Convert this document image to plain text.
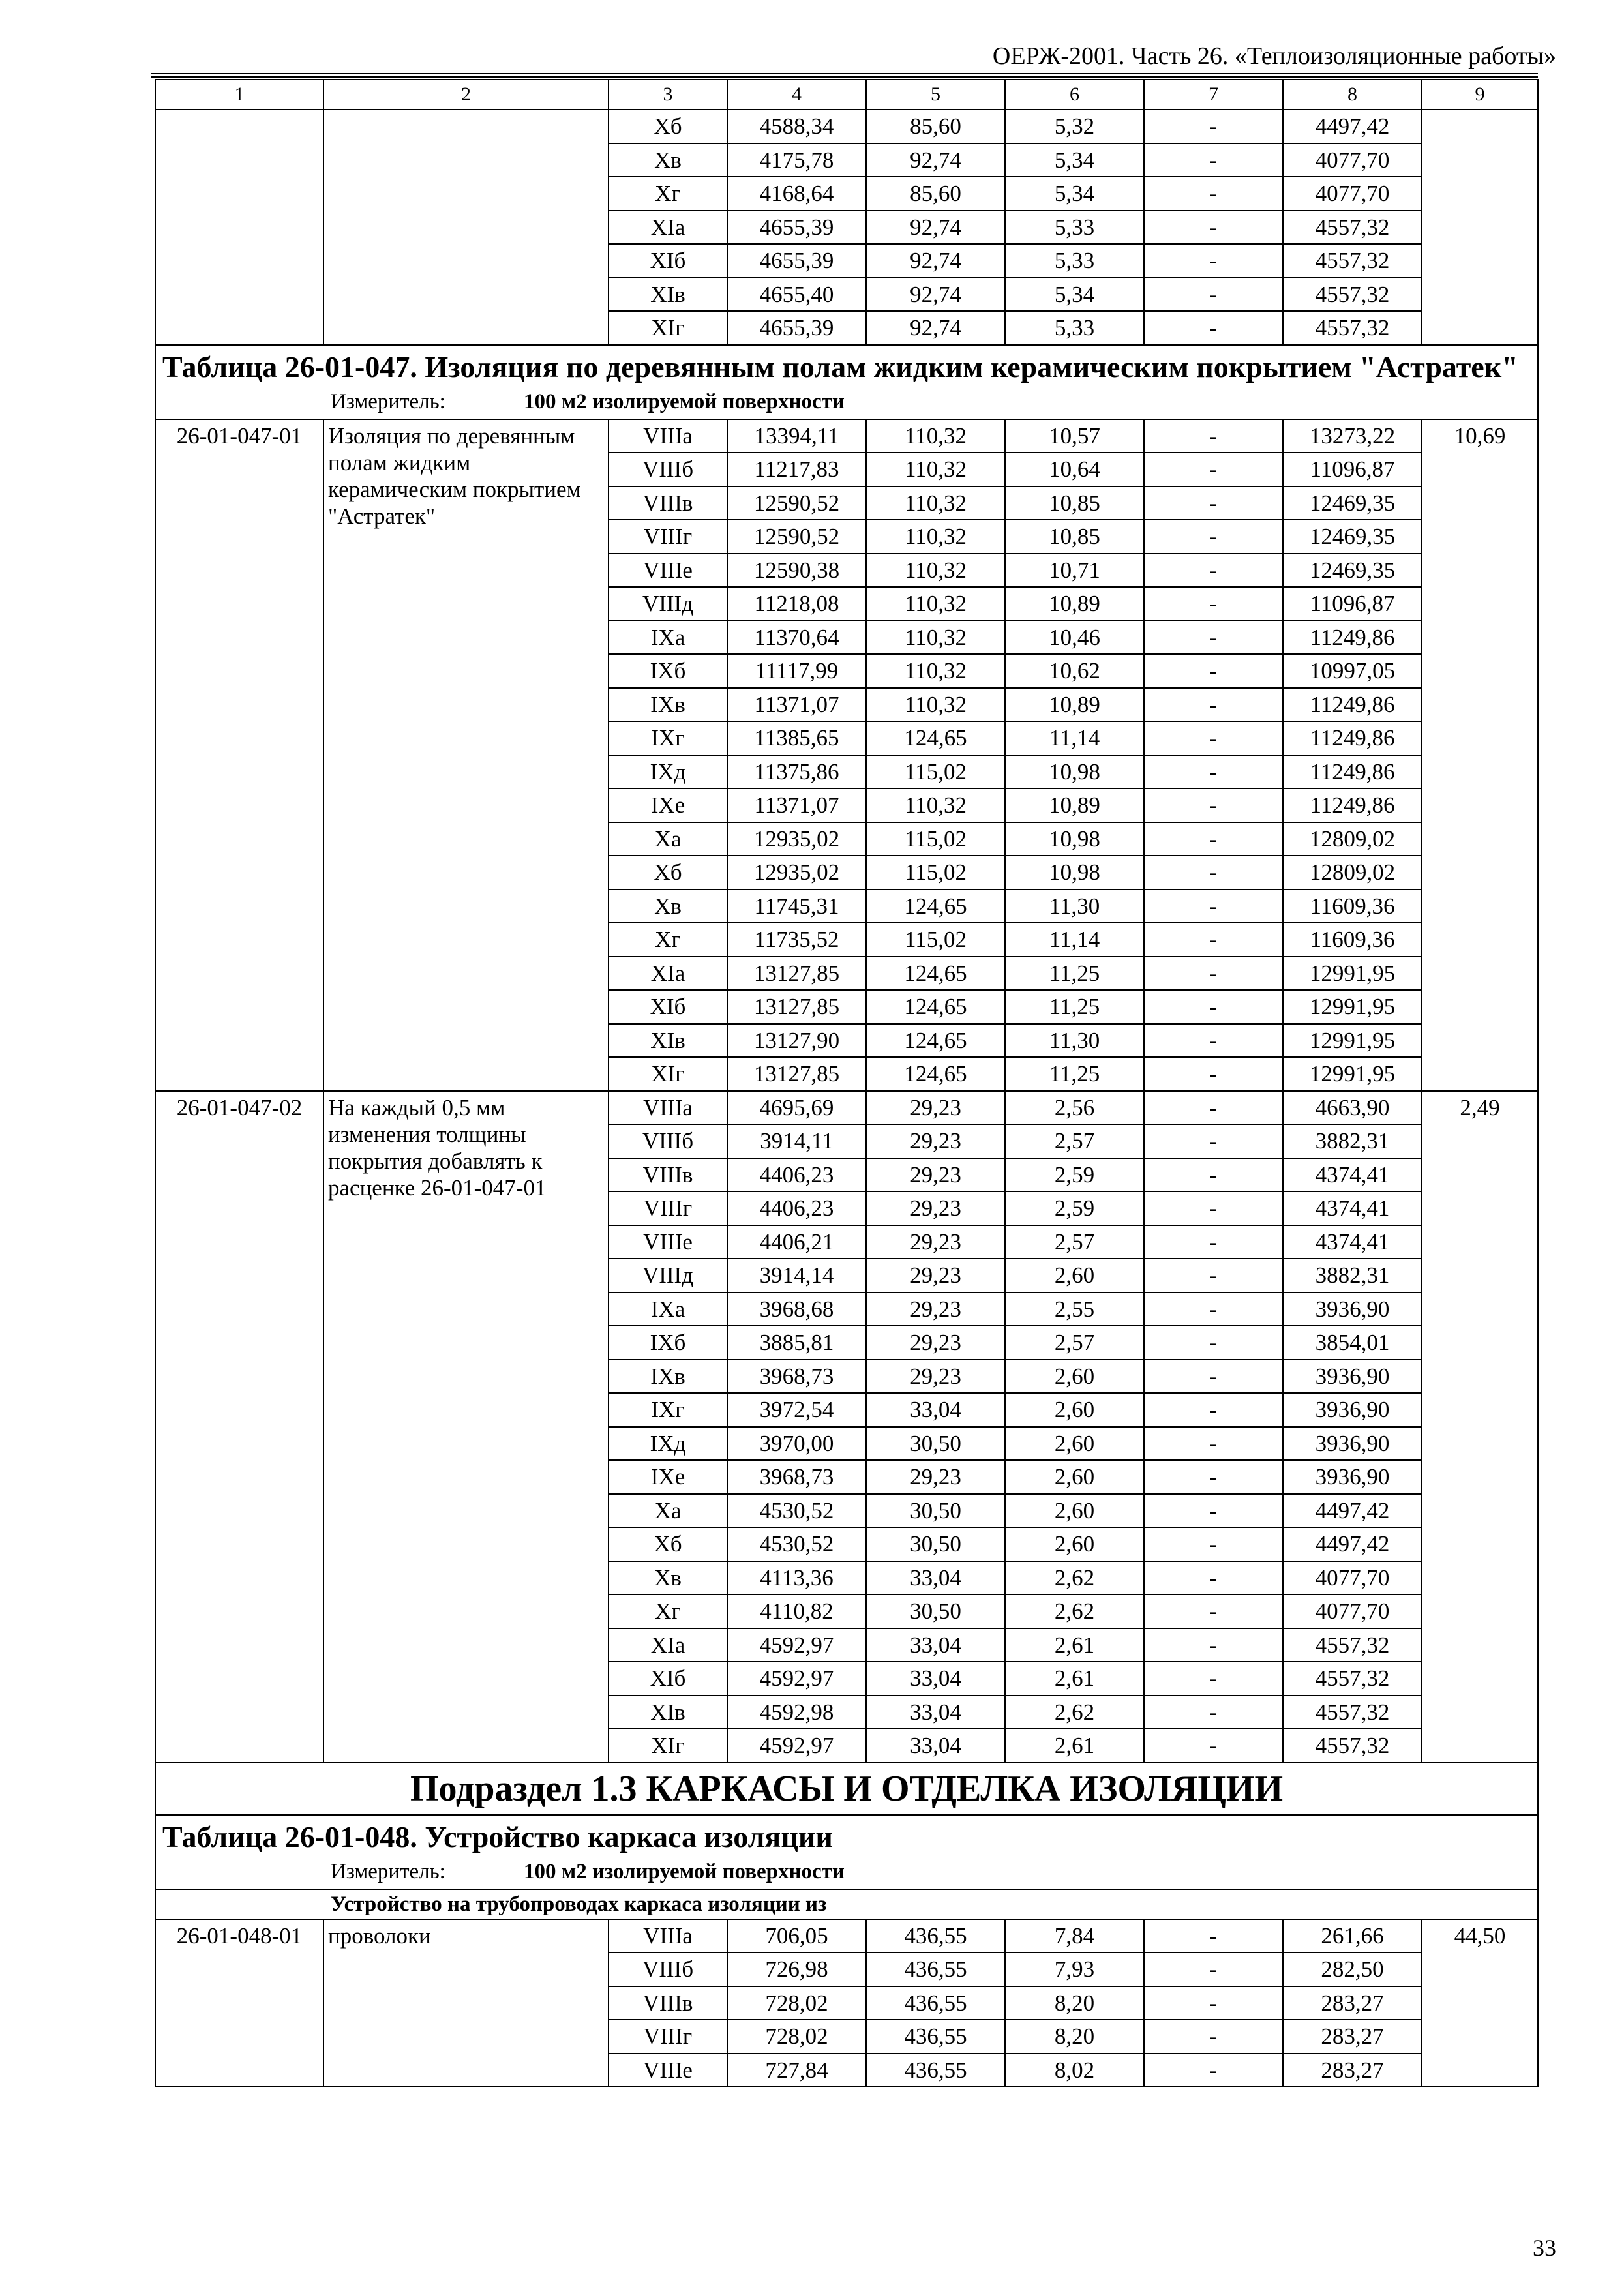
ОЕРЖ-2001. Часть 26. «Теплоизоляционные работы»
1	2	3	4	5	6	7	8	9
		Xб	4588,34	85,60	5,32	-	4497,42	
		Xв	4175,78	92,74	5,34	-	4077,70	
		Xг	4168,64	85,60	5,34	-	4077,70	
		XIа	4655,39	92,74	5,33	-	4557,32	
		XIб	4655,39	92,74	5,33	-	4557,32	
		XIв	4655,40	92,74	5,34	-	4557,32	
		XIг	4655,39	92,74	5,33	-	4557,32	

Таблица 26-01-047. Изоляция по деревянным полам жидким керамическим покрытием "Астратек"
Измеритель: 100 м2 изолируемой поверхности								

26-01-047-01	Изоляция по деревянным полам жидким керамическим покрытием "Астратек"	VIIIа	13394,11	110,32	10,57	-	13273,22	10,69
		VIIIб	11217,83	110,32	10,64	-	11096,87	
		VIIIв	12590,52	110,32	10,85	-	12469,35	
		VIIIг	12590,52	110,32	10,85	-	12469,35	
		VIIIе	12590,38	110,32	10,71	-	12469,35	
		VIIIд	11218,08	110,32	10,89	-	11096,87	
		IXа	11370,64	110,32	10,46	-	11249,86	
		IXб	11117,99	110,32	10,62	-	10997,05	
		IXв	11371,07	110,32	10,89	-	11249,86	
		IXг	11385,65	124,65	11,14	-	11249,86	
		IXд	11375,86	115,02	10,98	-	11249,86	
		IXе	11371,07	110,32	10,89	-	11249,86	
		Xа	12935,02	115,02	10,98	-	12809,02	
		Xб	12935,02	115,02	10,98	-	12809,02	
		Xв	11745,31	124,65	11,30	-	11609,36	
		Xг	11735,52	115,02	11,14	-	11609,36	
		XIа	13127,85	124,65	11,25	-	12991,95	
		XIб	13127,85	124,65	11,25	-	12991,95	
		XIв	13127,90	124,65	11,30	-	12991,95	
		XIг	13127,85	124,65	11,25	-	12991,95	
26-01-047-02	На каждый 0,5 мм изменения толщины покрытия добавлять к расценке 26-01-047-01	VIIIа	4695,69	29,23	2,56	-	4663,90	2,49
		VIIIб	3914,11	29,23	2,57	-	3882,31	
		VIIIв	4406,23	29,23	2,59	-	4374,41	
		VIIIг	4406,23	29,23	2,59	-	4374,41	
		VIIIе	4406,21	29,23	2,57	-	4374,41	
		VIIIд	3914,14	29,23	2,60	-	3882,31	
		IXа	3968,68	29,23	2,55	-	3936,90	
		IXб	3885,81	29,23	2,57	-	3854,01	
		IXв	3968,73	29,23	2,60	-	3936,90	
		IXг	3972,54	33,04	2,60	-	3936,90	
		IXд	3970,00	30,50	2,60	-	3936,90	
		IXе	3968,73	29,23	2,60	-	3936,90	
		Xа	4530,52	30,50	2,60	-	4497,42	
		Xб	4530,52	30,50	2,60	-	4497,42	
		Xв	4113,36	33,04	2,62	-	4077,70	
		Xг	4110,82	30,50	2,62	-	4077,70	
		XIа	4592,97	33,04	2,61	-	4557,32	
		XIб	4592,97	33,04	2,61	-	4557,32	
		XIв	4592,98	33,04	2,62	-	4557,32	
		XIг	4592,97	33,04	2,61	-	4557,32	
Подраздел 1.3 КАРКАСЫ И ОТДЕЛКА ИЗОЛЯЦИИ								

Таблица 26-01-048. Устройство каркаса изоляции
Измеритель: 100 м2 изолируемой поверхности								

Устройство на трубопроводах каркаса изоляции из								
26-01-048-01	проволоки	VIIIа	706,05	436,55	7,84	-	261,66	44,50
		VIIIб	726,98	436,55	7,93	-	282,50	
		VIIIв	728,02	436,55	8,20	-	283,27	
		VIIIг	728,02	436,55	8,20	-	283,27	
		VIIIе	727,84	436,55	8,02	-	283,27	
33
